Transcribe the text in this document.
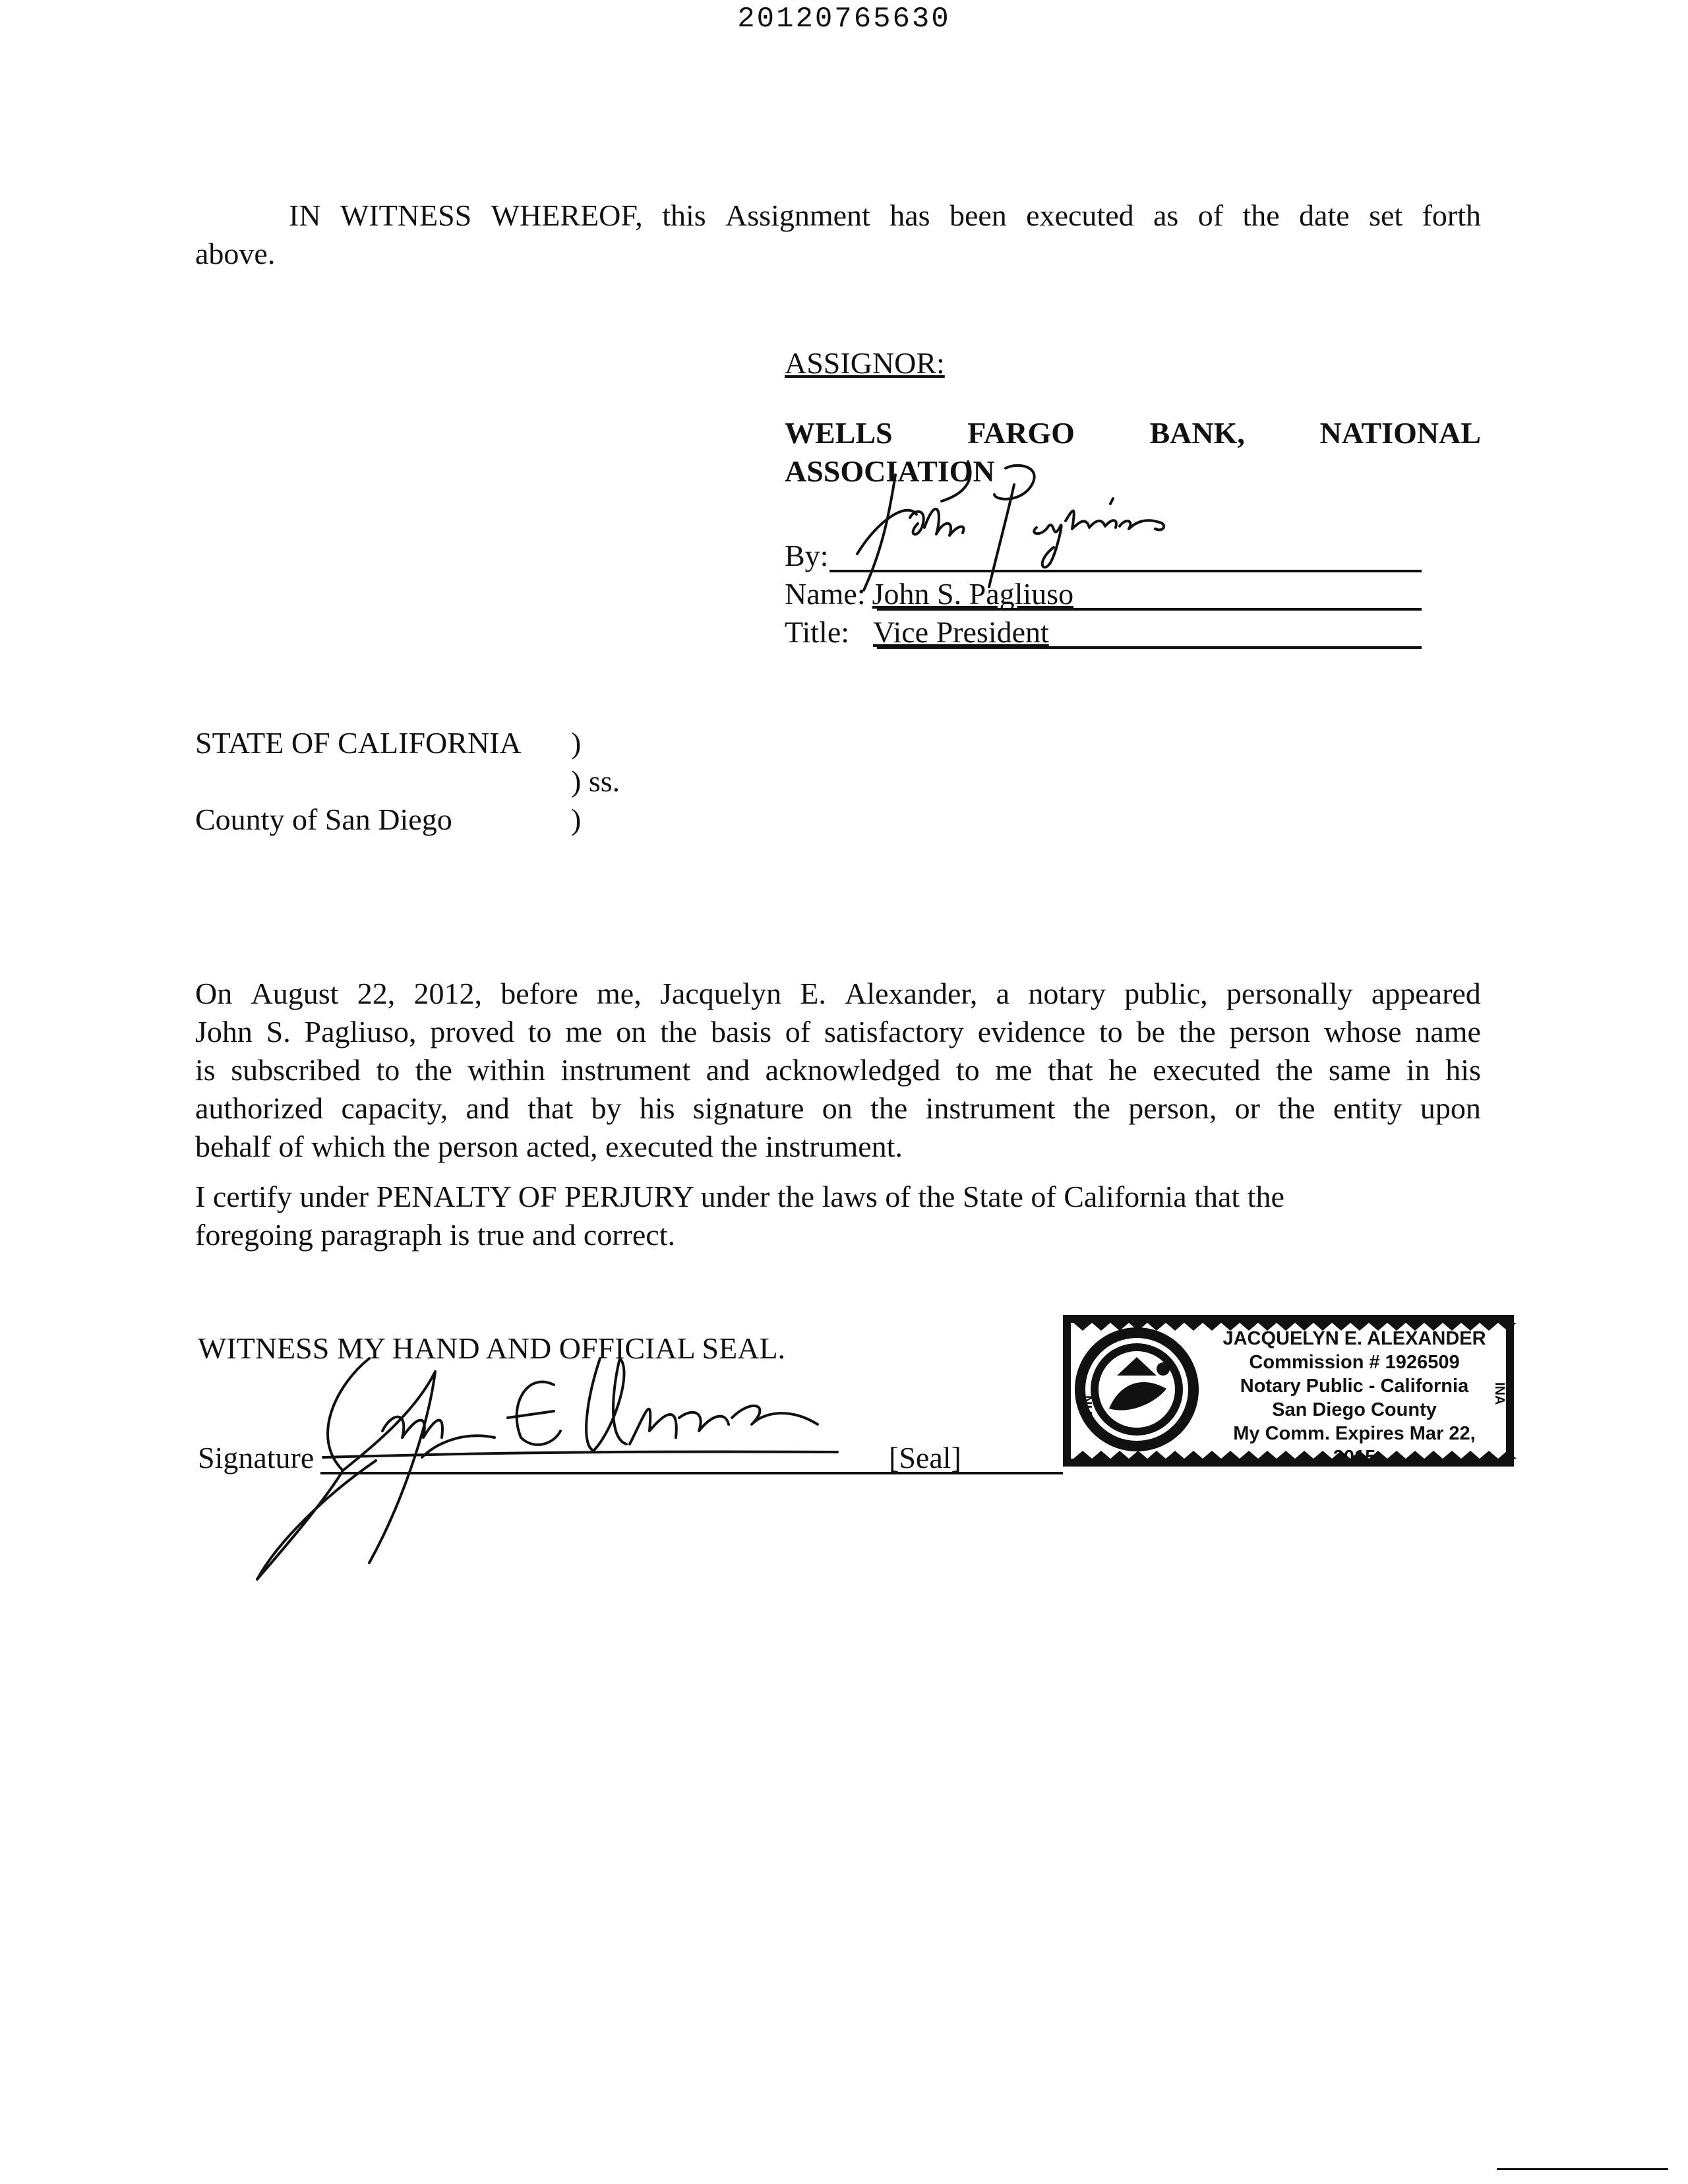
20120765630
IN WITNESS WHEREOF, this Assignment has been executed as of the date set forth
above.
ASSIGNOR:
WELLS FARGO BANK, NATIONAL
ASSOCIATION
By:
Name: John S. Pagliuso
Title: Vice President
STATE OF CALIFORNIA )
) ss.
County of San Diego	)
On August 22, 2012, before me, Jacquelyn E. Alexander, a notary public, personally appeared
John S. Pagliuso, proved to me on the basis of satisfactory evidence to be the person whose name
is subscribed to the within instrument and acknowledged to me that he executed the same in his
authorized capacity, and that by his signature on the instrument the person, or the entity upon
behalf of which the person acted, executed the instrument.
I certify under PENALTY OF PERJURY under the laws of the State of California that the
foregoing paragraph is true and correct.
WITNESS MY HAND AND OFFICIAL SEAL.
Signature	[Seal]
NIA
INA
JACQUELYN E. ALEXANDER
Commission # 1926509
Notary Public - California
San Diego County
My Comm. Expires Mar 22, 2015
